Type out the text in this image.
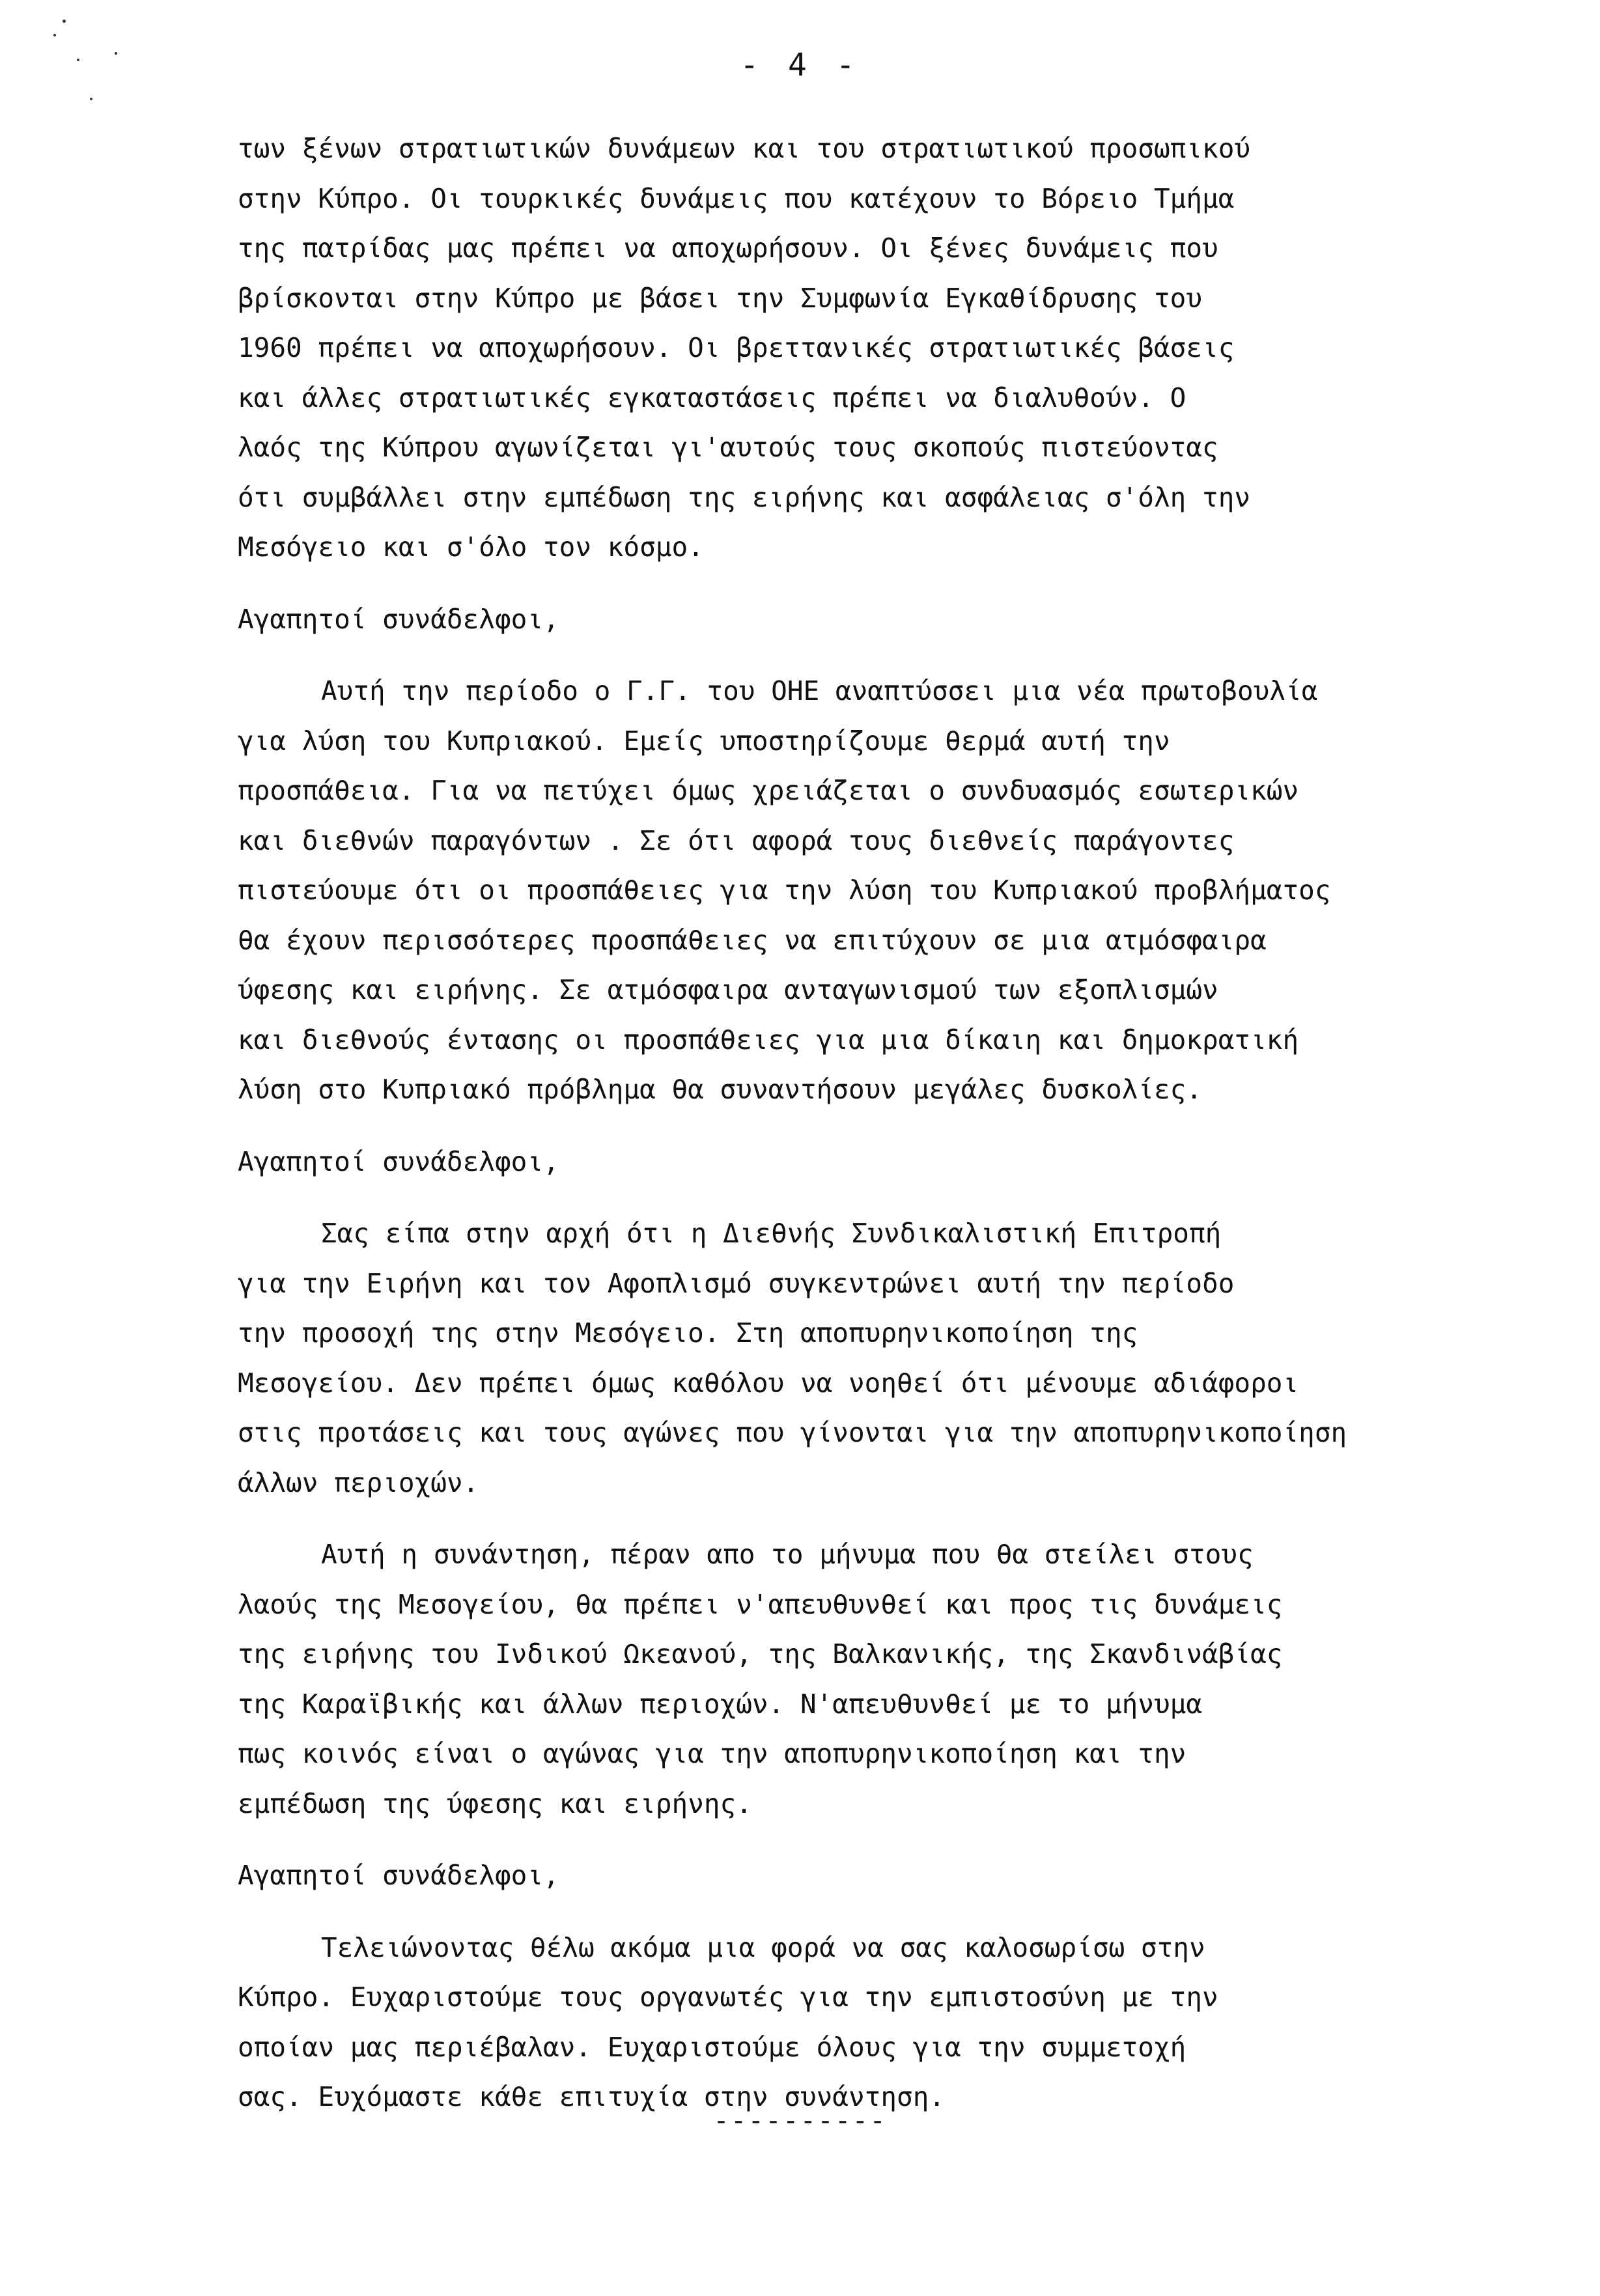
- 4 -
των ξένων στρατιωτικών δυνάμεων και του στρατιωτικού προσωπικού
στην Κύπρο. Οι τουρκικές δυνάμεις που κατέχουν το Βόρειο Τμήμα
της πατρίδας μας πρέπει να αποχωρήσουν. Οι ξένες δυνάμεις που
βρίσκονται στην Κύπρο με βάσει την Συμφωνία Εγκαθίδρυσης του
1960 πρέπει να αποχωρήσουν. Οι βρεττανικές στρατιωτικές βάσεις
και άλλες στρατιωτικές εγκαταστάσεις πρέπει να διαλυθούν. Ο
λαός της Κύπρου αγωνίζεται γι'αυτούς τους σκοπούς πιστεύοντας
ότι συμβάλλει στην εμπέδωση της ειρήνης και ασφάλειας σ'όλη την
Μεσόγειο και σ'όλο τον κόσμο.
Αγαπητοί συνάδελφοι,
Αυτή την περίοδο ο Γ.Γ. του ΟΗΕ αναπτύσσει μια νέα πρωτοβουλία
για λύση του Κυπριακού. Εμείς υποστηρίζουμε θερμά αυτή την
προσπάθεια. Για να πετύχει όμως χρειάζεται ο συνδυασμός εσωτερικών
και διεθνών παραγόντων . Σε ότι αφορά τους διεθνείς παράγοντες
πιστεύουμε ότι οι προσπάθειες για την λύση του Κυπριακού προβλήματος
θα έχουν περισσότερες προσπάθειες να επιτύχουν σε μια ατμόσφαιρα
ύφεσης και ειρήνης. Σε ατμόσφαιρα ανταγωνισμού των εξοπλισμών
και διεθνούς έντασης οι προσπάθειες για μια δίκαιη και δημοκρατική
λύση στο Κυπριακό πρόβλημα θα συναντήσουν μεγάλες δυσκολίες.
Αγαπητοί συνάδελφοι,
Σας είπα στην αρχή ότι η Διεθνής Συνδικαλιστική Επιτροπή
για την Ειρήνη και τον Αφοπλισμό συγκεντρώνει αυτή την περίοδο
την προσοχή της στην Μεσόγειο. Στη αποπυρηνικοποίηση της
Μεσογείου. Δεν πρέπει όμως καθόλου να νοηθεί ότι μένουμε αδιάφοροι
στις προτάσεις και τους αγώνες που γίνονται για την αποπυρηνικοποίηση
άλλων περιοχών.
Αυτή η συνάντηση, πέραν απο το μήνυμα που θα στείλει στους
λαούς της Μεσογείου, θα πρέπει ν'απευθυνθεί και προς τις δυνάμεις
της ειρήνης του Ινδικού Ωκεανού, της Βαλκανικής, της Σκανδινάβίας
της Καραϊβικής και άλλων περιοχών. Ν'απευθυνθεί με το μήνυμα
πως κοινός είναι ο αγώνας για την αποπυρηνικοποίηση και την
εμπέδωση της ύφεσης και ειρήνης.
Αγαπητοί συνάδελφοι,
Τελειώνοντας θέλω ακόμα μια φορά να σας καλοσωρίσω στην
Κύπρο. Ευχαριστούμε τους οργανωτές για την εμπιστοσύνη με την
οποίαν μας περιέβαλαν. Ευχαριστούμε όλους για την συμμετοχή
σας. Ευχόμαστε κάθε επιτυχία στην συνάντηση.
----------
